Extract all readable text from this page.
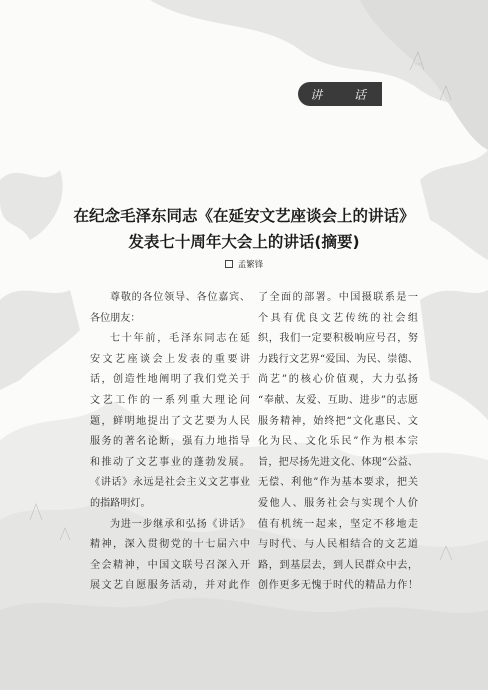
讲 话
在纪念毛泽东同志《在延安文艺座谈会上的讲话》
发表七十周年大会上的讲话(摘要)
孟繁锋
尊敬的各位领导、各位嘉宾、
各位朋友：
七十年前，毛泽东同志在延
安文艺座谈会上发表的重要讲
话，创造性地阐明了我们党关于
文艺工作的一系列重大理论问
题，鲜明地提出了文艺要为人民
服务的著名论断，强有力地指导
和推动了文艺事业的蓬勃发展。
《讲话》永远是社会主义文艺事业
的指路明灯。
为进一步继承和弘扬《讲话》
精神，深入贯彻党的十七届六中
全会精神，中国文联号召深入开
展文艺自愿服务活动，并对此作
了全面的部署。中国摄联系是一
个具有优良文艺传统的社会组
织，我们一定要积极响应号召，努
力践行文艺界“爱国、为民、崇德、
尚艺”的核心价值观，大力弘扬
“奉献、友爱、互助、进步”的志愿
服务精神，始终把“文化惠民、文
化为民、文化乐民”作为根本宗
旨，把尽扬先进文化、体现“公益、
无偿、利他”作为基本要求，把关
爱他人、服务社会与实现个人价
值有机统一起来，坚定不移地走
与时代、与人民相结合的文艺道
路，到基层去，到人民群众中去，
创作更多无愧于时代的精品力作！
